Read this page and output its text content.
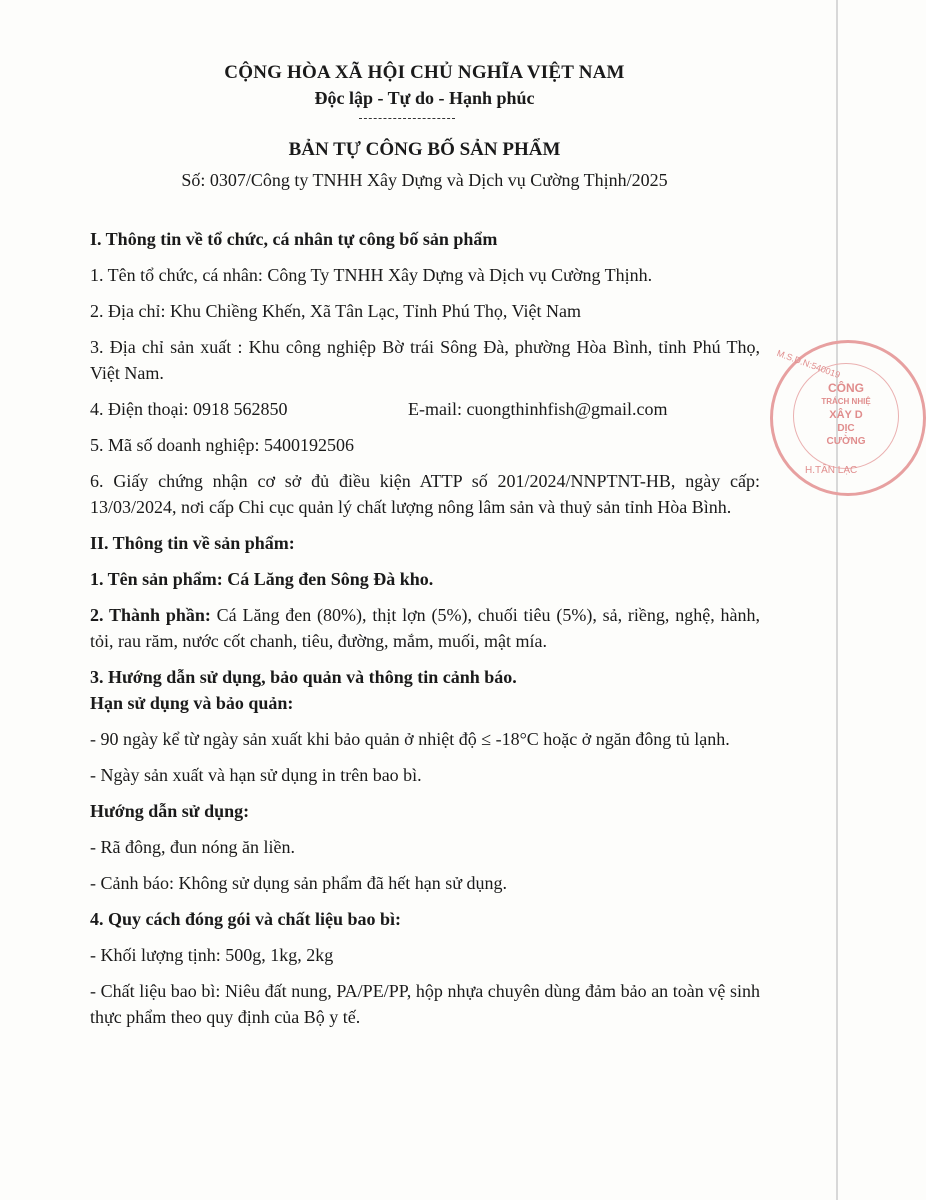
CỘNG HÒA XÃ HỘI CHỦ NGHĨA VIỆT NAM
Độc lập - Tự do - Hạnh phúc
BẢN TỰ CÔNG BỐ SẢN PHẨM
Số: 0307/Công ty TNHH Xây Dựng và Dịch vụ Cường Thịnh/2025

I. Thông tin về tổ chức, cá nhân tự công bố sản phẩm

1. Tên tổ chức, cá nhân: Công Ty TNHH Xây Dựng và Dịch vụ Cường Thịnh.

2. Địa chỉ: Khu Chiềng Khến, Xã Tân Lạc, Tỉnh Phú Thọ, Việt Nam

3. Địa chỉ sản xuất : Khu công nghiệp Bờ trái Sông Đà, phường Hòa Bình, tỉnh Phú Thọ, Việt Nam.

4. Điện thoại: 0918 562850	E-mail: cuongthinhfish@gmail.com

5. Mã số doanh nghiệp: 5400192506

6. Giấy chứng nhận cơ sở đủ điều kiện ATTP số 201/2024/NNPTNT-HB, ngày cấp: 13/03/2024, nơi cấp Chi cục quản lý chất lượng nông lâm sản và thuỷ sản tỉnh Hòa Bình.

II. Thông tin về sản phẩm:

1. Tên sản phẩm: Cá Lăng đen Sông Đà kho.

2. Thành phần: Cá Lăng đen (80%), thịt lợn (5%), chuối tiêu (5%), sả, riềng, nghệ, hành, tỏi, rau răm, nước cốt chanh, tiêu, đường, mắm, muối, mật mía.

3. Hướng dẫn sử dụng, bảo quản và thông tin cảnh báo.

Hạn sử dụng và bảo quản:

- 90 ngày kể từ ngày sản xuất khi bảo quản ở nhiệt độ ≤ -18°C hoặc ở ngăn đông tủ lạnh.

- Ngày sản xuất và hạn sử dụng in trên bao bì.

Hướng dẫn sử dụng:

- Rã đông, đun nóng ăn liền.

- Cảnh báo: Không sử dụng sản phẩm đã hết hạn sử dụng.

4. Quy cách đóng gói và chất liệu bao bì:

- Khối lượng tịnh: 500g, 1kg, 2kg

- Chất liệu bao bì: Niêu đất nung, PA/PE/PP, hộp nhựa chuyên dùng đảm bảo an toàn vệ sinh thực phẩm theo quy định của Bộ y tế.

M.S.D.N:540019
CÔNG
TRÁCH NHIỆ
XÂY D
DỊC
CƯỜNG
H.TÂN LẠC
